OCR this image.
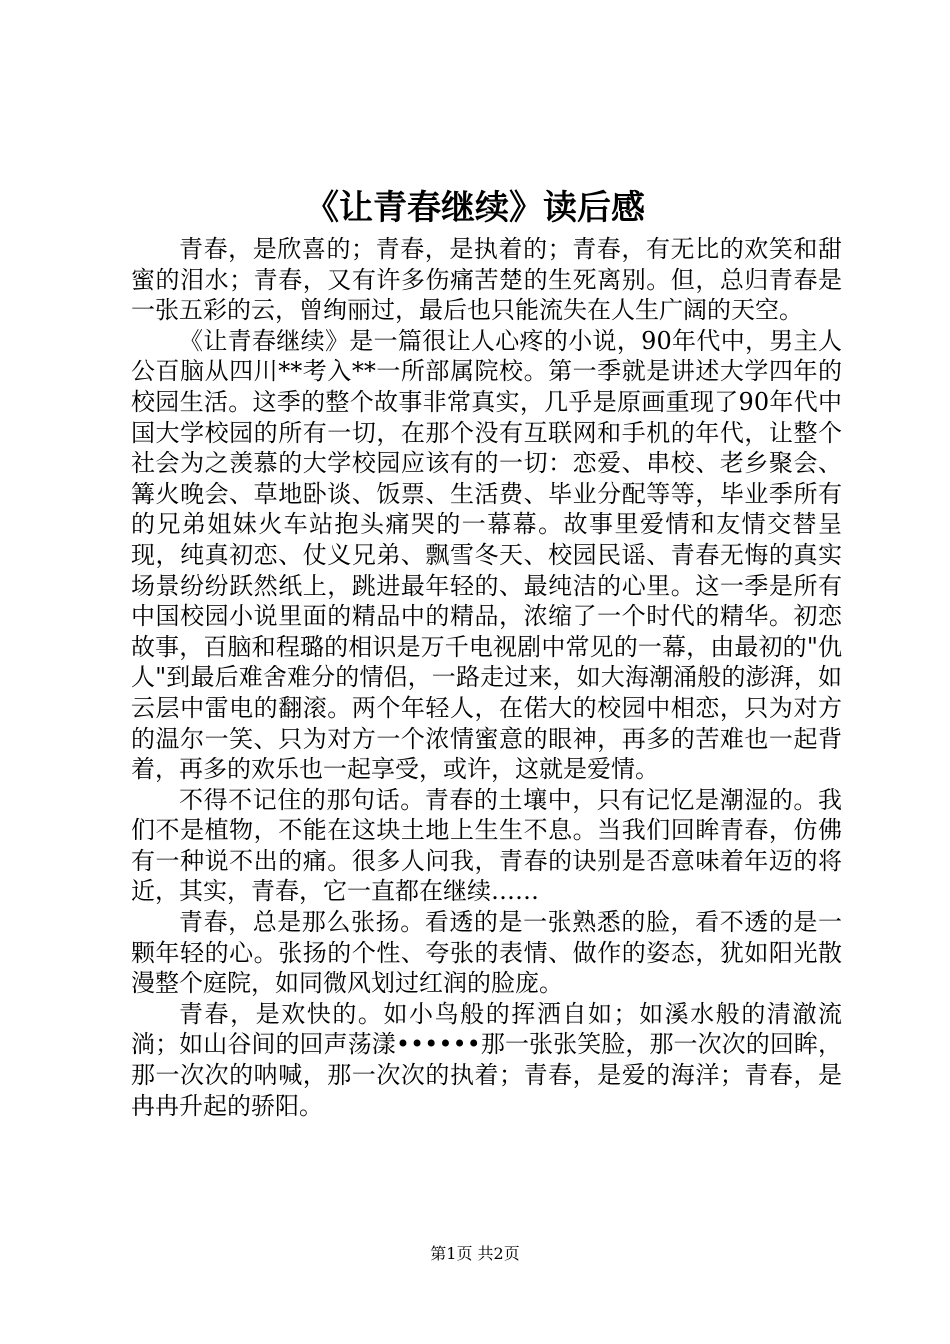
《让青春继续》读后感

青春，是欣喜的；青春，是执着的；青春，有无比的欢笑和甜蜜的泪水；青春，又有许多伤痛苦楚的生死离别。但，总归青春是一张五彩的云，曾绚丽过，最后也只能流失在人生广阔的天空。

《让青春继续》是一篇很让人心疼的小说，90年代中，男主人公百脑从四川**考入**一所部属院校。第一季就是讲述大学四年的校园生活。这季的整个故事非常真实，几乎是原画重现了90年代中国大学校园的所有一切，在那个没有互联网和手机的年代，让整个社会为之羡慕的大学校园应该有的一切：恋爱、串校、老乡聚会、篝火晚会、草地卧谈、饭票、生活费、毕业分配等等，毕业季所有的兄弟姐妹火车站抱头痛哭的一幕幕。故事里爱情和友情交替呈现，纯真初恋、仗义兄弟、飘雪冬天、校园民谣、青春无悔的真实场景纷纷跃然纸上，跳进最年轻的、最纯洁的心里。这一季是所有中国校园小说里面的精品中的精品，浓缩了一个时代的精华。初恋故事，百脑和程璐的相识是万千电视剧中常见的一幕，由最初的"仇人"到最后难舍难分的情侣，一路走过来，如大海潮涌般的澎湃，如云层中雷电的翻滚。两个年轻人，在偌大的校园中相恋，只为对方的温尔一笑、只为对方一个浓情蜜意的眼神，再多的苦难也一起背着，再多的欢乐也一起享受，或许，这就是爱情。

不得不记住的那句话。青春的土壤中，只有记忆是潮湿的。我们不是植物，不能在这块土地上生生不息。当我们回眸青春，仿佛有一种说不出的痛。很多人问我，青春的诀别是否意味着年迈的将近，其实，青春，它一直都在继续……

青春，总是那么张扬。看透的是一张熟悉的脸，看不透的是一颗年轻的心。张扬的个性、夸张的表情、做作的姿态，犹如阳光散漫整个庭院，如同微风划过红润的脸庞。

青春，是欢快的。如小鸟般的挥洒自如；如溪水般的清澈流淌；如山谷间的回声荡漾••••••那一张张笑脸，那一次次的回眸，那一次次的呐喊，那一次次的执着；青春，是爱的海洋；青春，是冉冉升起的骄阳。

第1页 共2页
